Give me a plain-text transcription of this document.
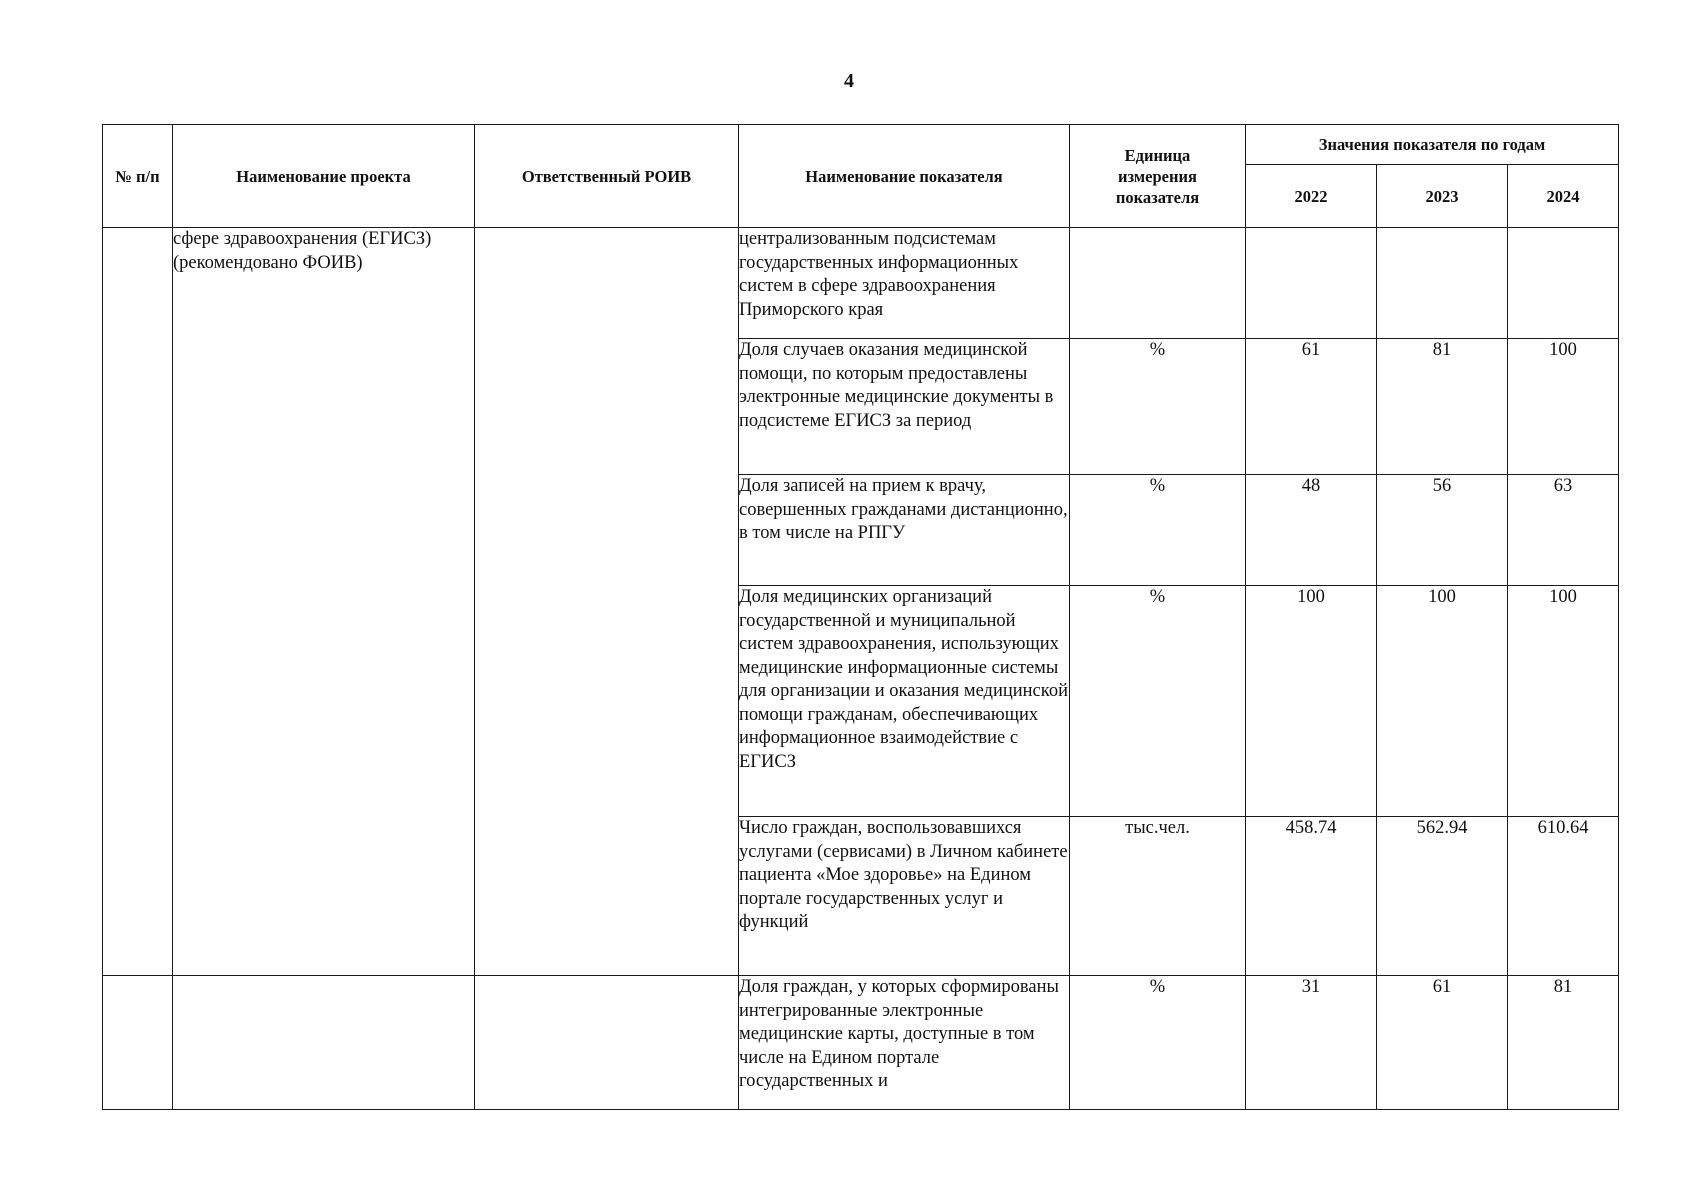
4
№ п/п	Наименование проекта	Ответственный РОИВ	Наименование показателя	Единица измерения показателя	Значения показателя по годам		
					2022	2023	2024
	сфере здравоохранения (ЕГИСЗ) (рекомендовано ФОИВ)		централизованным подсистемам государственных информационных систем в сфере здравоохранения Приморского края				
			Доля случаев оказания медицинской помощи, по которым предоставлены электронные медицинские документы в подсистеме ЕГИСЗ за период	%	61	81	100
			Доля записей на прием к врачу, совершенных гражданами дистанционно, в том числе на РПГУ	%	48	56	63
			Доля медицинских организаций государственной и муниципальной систем здравоохранения, использующих медицинские информационные системы для организации и оказания медицинской помощи гражданам, обеспечивающих информационное взаимодействие с ЕГИСЗ	%	100	100	100
			Число граждан, воспользовавшихся услугами (сервисами) в Личном кабинете пациента «Мое здоровье» на Едином портале государственных услуг и функций	тыс.чел.	458.74	562.94	610.64
			Доля граждан, у которых сформированы интегрированные электронные медицинские карты, доступные в том числе на Едином портале государственных и	%	31	61	81
